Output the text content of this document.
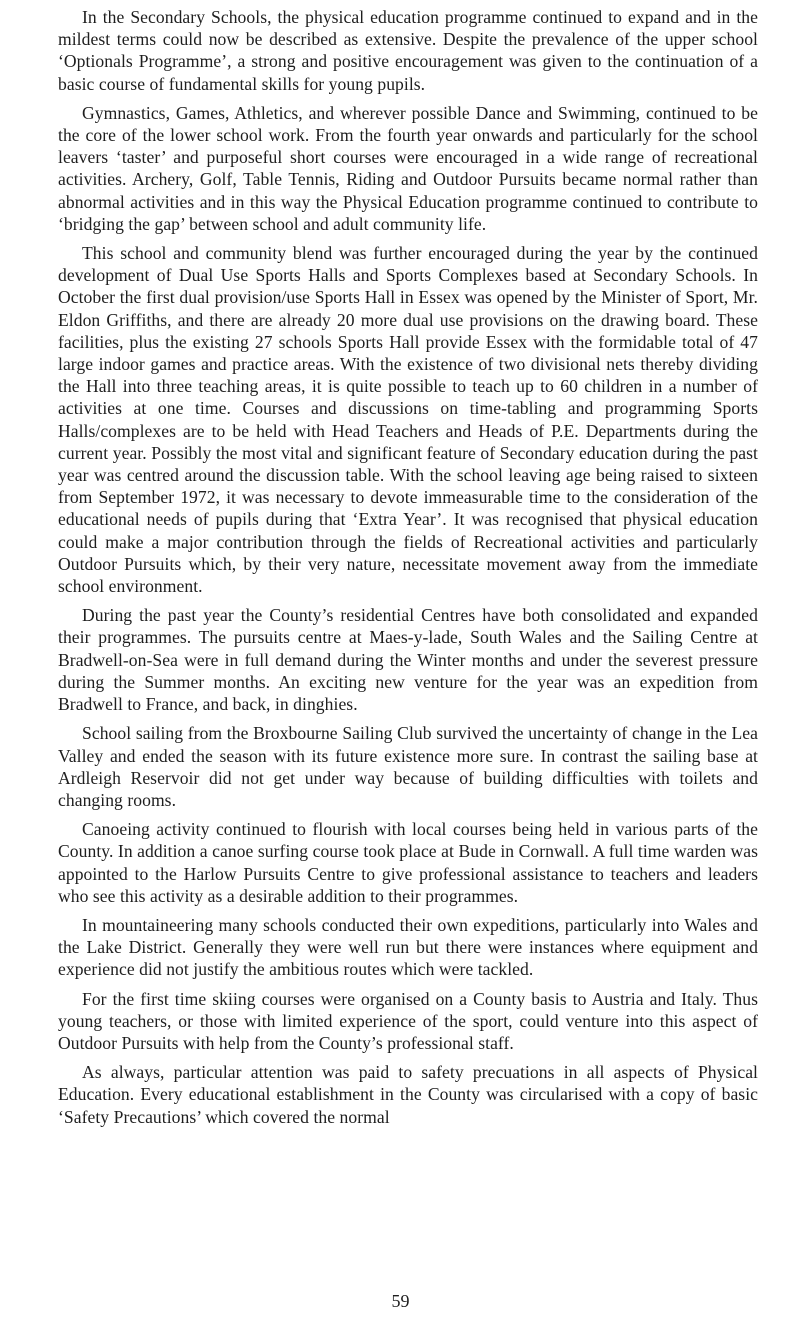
In the Secondary Schools, the physical education programme continued to expand and in the mildest terms could now be described as extensive. Despite the prevalence of the upper school ‘Optionals Programme’, a strong and positive encouragement was given to the continuation of a basic course of fundamental skills for young pupils.

Gymnastics, Games, Athletics, and wherever possible Dance and Swimming, continued to be the core of the lower school work. From the fourth year onwards and particularly for the school leavers ‘taster’ and purposeful short courses were encouraged in a wide range of recreational activities. Archery, Golf, Table Tennis, Riding and Outdoor Pursuits became normal rather than abnormal activities and in this way the Physical Education programme continued to contribute to ‘bridging the gap’ between school and adult community life.

This school and community blend was further encouraged during the year by the continued development of Dual Use Sports Halls and Sports Complexes based at Secondary Schools. In October the first dual provision/use Sports Hall in Essex was opened by the Minister of Sport, Mr. Eldon Griffiths, and there are already 20 more dual use provisions on the drawing board. These facilities, plus the existing 27 schools Sports Hall provide Essex with the formidable total of 47 large indoor games and practice areas. With the existence of two divisional nets thereby dividing the Hall into three teaching areas, it is quite possible to teach up to 60 children in a number of activities at one time. Courses and discussions on time-tabling and programming Sports Halls/complexes are to be held with Head Teachers and Heads of P.E. Departments during the current year. Possibly the most vital and significant feature of Secondary education during the past year was centred around the discussion table. With the school leaving age being raised to sixteen from September 1972, it was necessary to devote immeasurable time to the consideration of the educational needs of pupils during that ‘Extra Year’. It was recognised that physical education could make a major contribution through the fields of Recreational activities and particularly Outdoor Pursuits which, by their very nature, necessitate movement away from the immediate school environment.

During the past year the County’s residential Centres have both consolidated and expanded their programmes. The pursuits centre at Maes-y-lade, South Wales and the Sailing Centre at Bradwell-on-Sea were in full demand during the Winter months and under the severest pressure during the Summer months. An exciting new venture for the year was an expedition from Bradwell to France, and back, in dinghies.

School sailing from the Broxbourne Sailing Club survived the uncertainty of change in the Lea Valley and ended the season with its future existence more sure. In contrast the sailing base at Ardleigh Reservoir did not get under way because of building difficulties with toilets and changing rooms.

Canoeing activity continued to flourish with local courses being held in various parts of the County. In addition a canoe surfing course took place at Bude in Cornwall. A full time warden was appointed to the Harlow Pursuits Centre to give professional assistance to teachers and leaders who see this activity as a desirable addition to their programmes.

In mountaineering many schools conducted their own expeditions, particularly into Wales and the Lake District. Generally they were well run but there were instances where equipment and experience did not justify the ambitious routes which were tackled.

For the first time skiing courses were organised on a County basis to Austria and Italy. Thus young teachers, or those with limited experience of the sport, could venture into this aspect of Outdoor Pursuits with help from the County’s professional staff.

As always, particular attention was paid to safety precuations in all aspects of Physical Education. Every educational establishment in the County was circularised with a copy of basic ‘Safety Precautions’ which covered the normal

59
